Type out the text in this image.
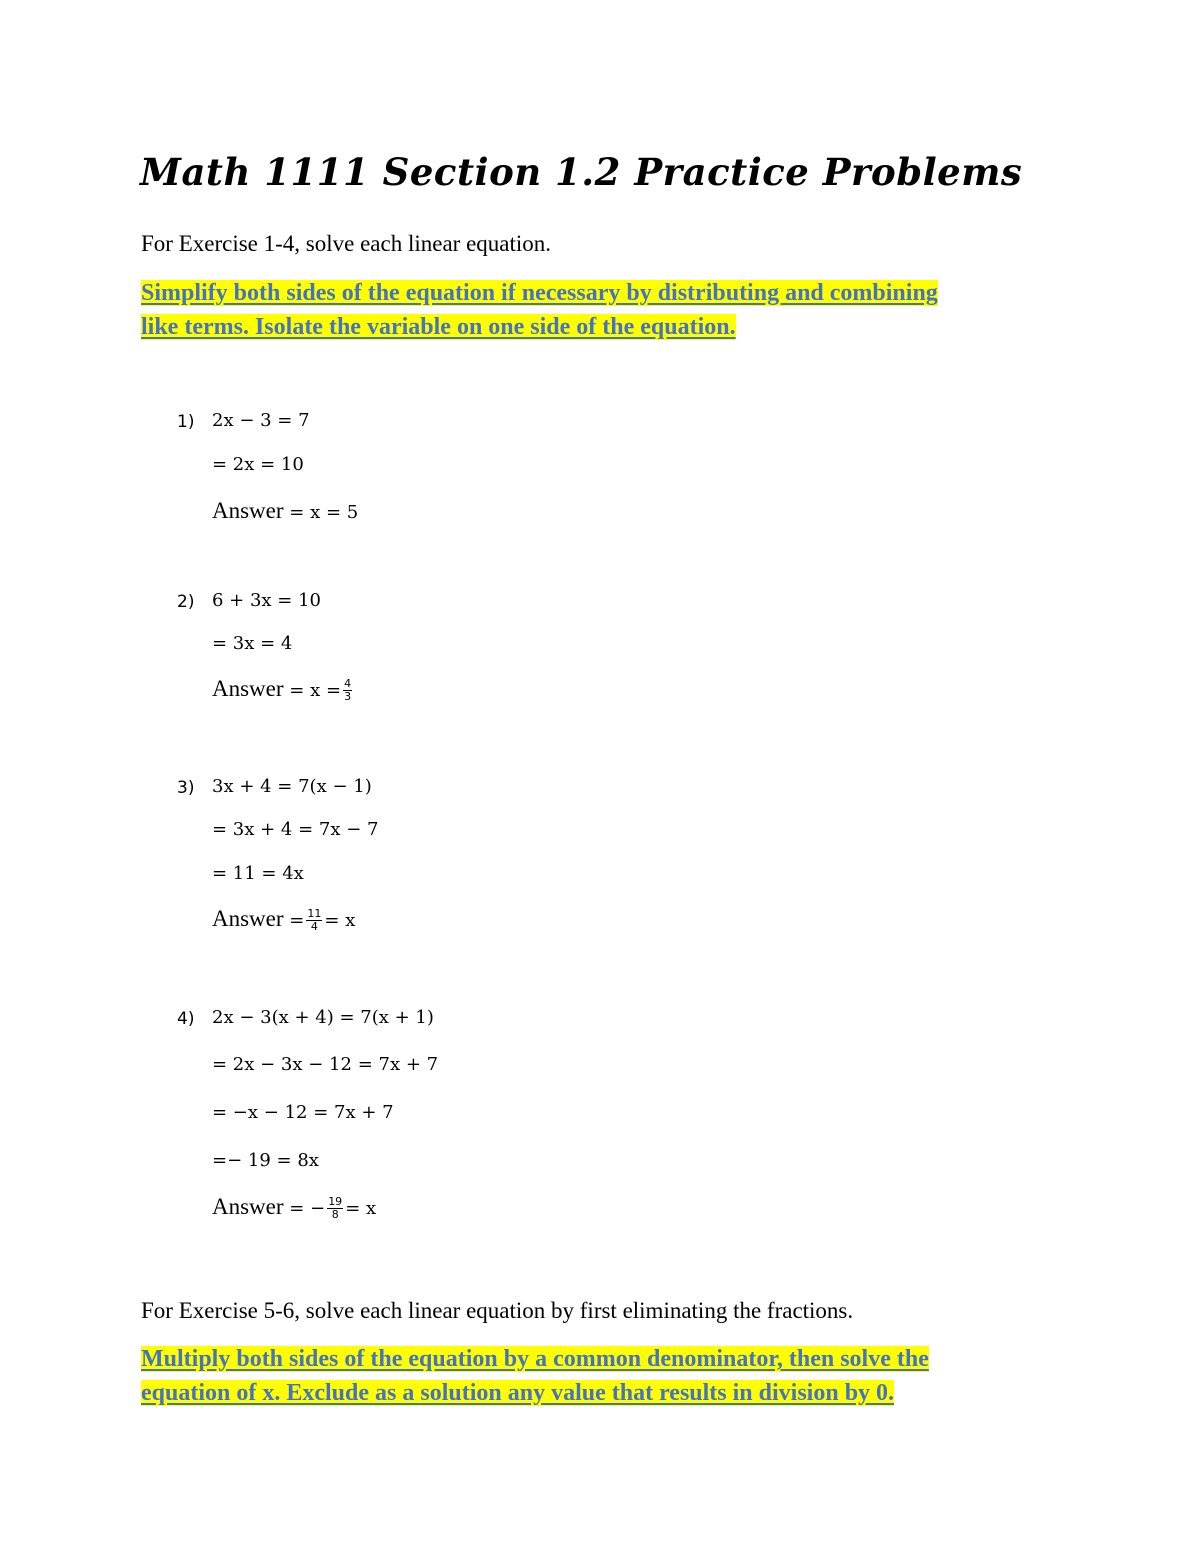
Math 1111 Section 1.2 Practice Problems
For Exercise 1-4, solve each linear equation.
Simplify both sides of the equation if necessary by distributing and combining
like terms. Isolate the variable on one side of the equation.
1) 2x − 3 = 7
= 2x = 10
Answer = x = 5
2) 6 + 3x = 10
= 3x = 4
Answer = $x = \frac{4}{3}$
3) 3x + 4 = 7(x − 1)
= 3x + 4 = 7x − 7
= 11 = 4x
Answer = $\frac{11}{4} = x$
4) 2x − 3(x + 4) = 7(x + 1)
= 2x − 3x − 12 = 7x + 7
= −x − 12 = 7x + 7
=− 19 = 8x
Answer = − $\frac{19}{8} = x$
For Exercise 5-6, solve each linear equation by first eliminating the fractions.
Multiply both sides of the equation by a common denominator, then solve the
equation of x. Exclude as a solution any value that results in division by 0.
